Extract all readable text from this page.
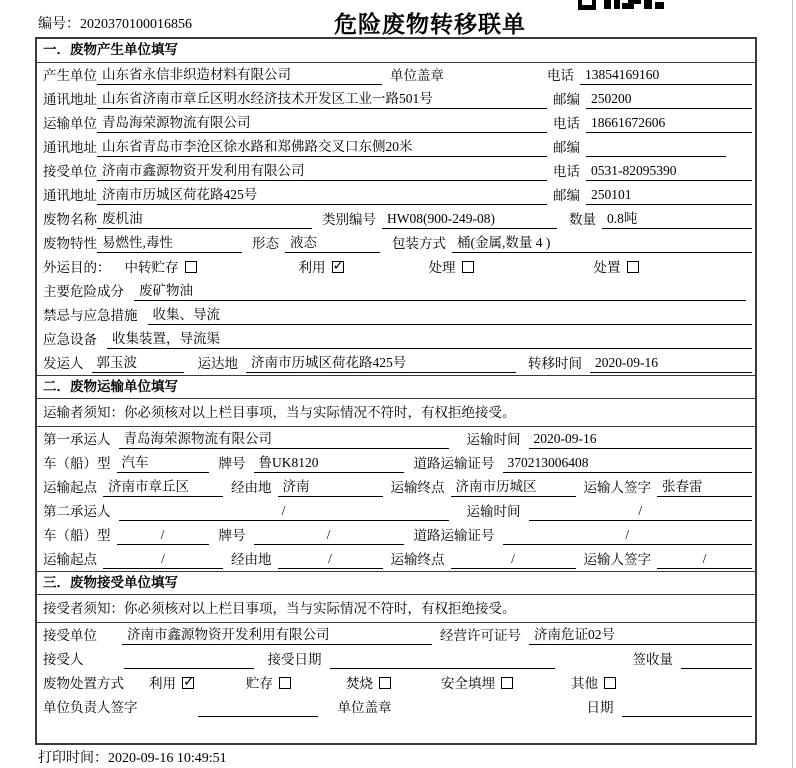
编号：2020370100016856	危险废物转移联单
一．废物产生单位填写
产生单位 山东省永信非织造材料有限公司	单位盖章	电话 13854169160
通讯地址 山东省济南市章丘区明水经济技术开发区工业一路501号	邮编 250200
运输单位 青岛海荣源物流有限公司	电话 18661672606
通讯地址 山东省青岛市李沧区徐水路和郑佛路交叉口东侧20米	邮编
接受单位 济南市鑫源物资开发利用有限公司	电话 0531-82095390
通讯地址 济南市历城区荷花路425号	邮编 250101
废物名称 废机油	类别编号 HW08(900-249-08)	数量 0.8吨
废物特性 易燃性,毒性	形态 液态	包装方式 桶(金属,数量 4 )
外运目的： 中转贮存	利用 ✓	处理	处置
主要危险成分	废矿物油
禁忌与应急措施	收集、导流
应急设备	收集装置，导流渠
发运人 郭玉波	运达地 济南市历城区荷花路425号	转移时间 2020-09-16
二．废物运输单位填写
运输者须知：你必须核对以上栏目事项，当与实际情况不符时，有权拒绝接受。
第一承运人 青岛海荣源物流有限公司	运输时间 2020-09-16
车（船）型 汽车	牌号 鲁UK8120	道路运输证号 370213006408
运输起点 济南市章丘区	经由地 济南	运输终点 济南市历城区	运输人签字 张春雷
第二承运人	/	运输时间	/
车（船）型	/	牌号	/	道路运输证号	/
运输起点	/	经由地	/	运输终点	/	运输人签字	/
三．废物接受单位填写
接受者须知：你必须核对以上栏目事项，当与实际情况不符时，有权拒绝接受。
接受单位	济南市鑫源物资开发利用有限公司	经营许可证号 济南危证02号
接受人	接受日期	签收量
废物处置方式 利用 ✓	贮存	焚烧	安全填埋	其他
单位负责人签字	单位盖章	日期
打印时间：2020-09-16 10:49:51
